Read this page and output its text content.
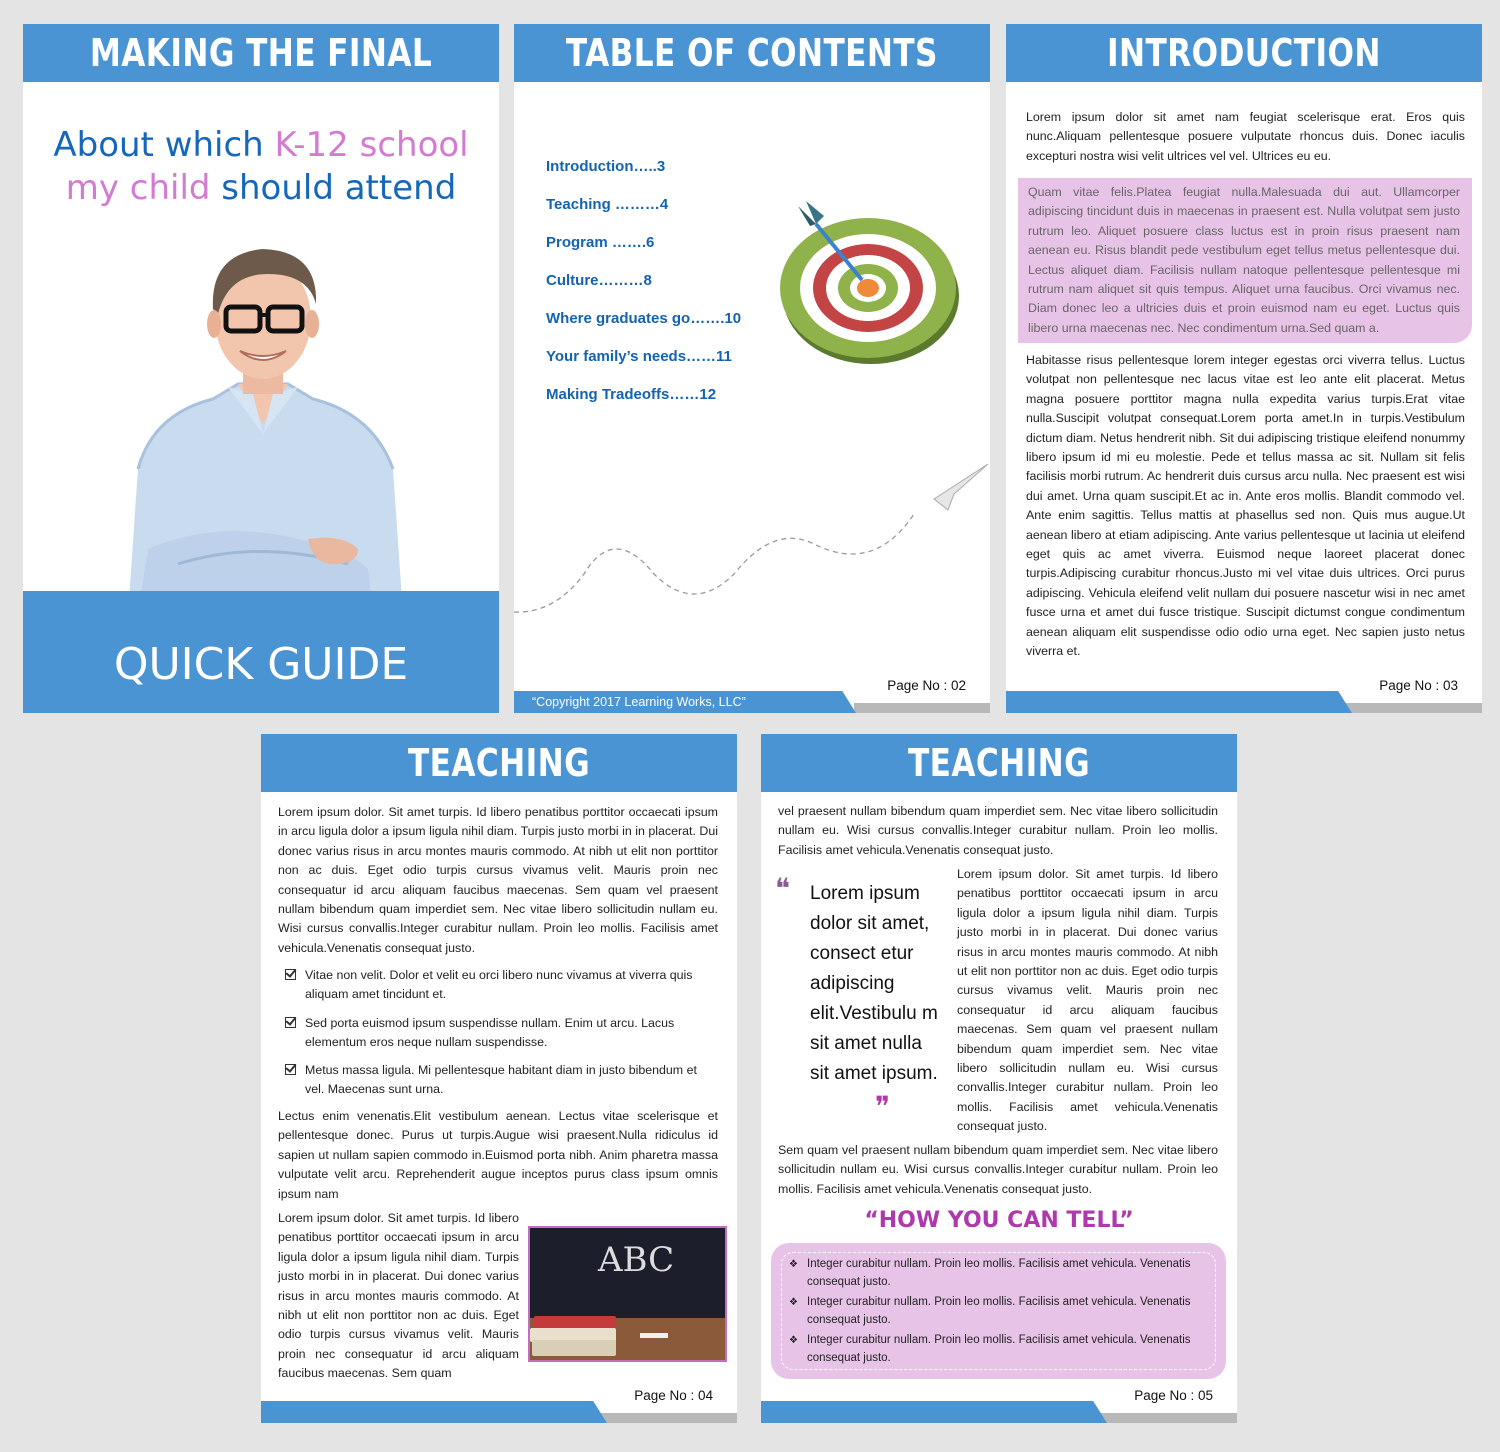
MAKING THE FINAL DECISION
About which K-12 school
my child should attend
QUICK GUIDE
TABLE OF CONTENTS
Introduction…..3
Teaching ………4
Program …….6
Culture………8
Where graduates go…….10
Your family’s needs……11
Making Tradeoffs……12
Page No : 02
“Copyright 2017 Learning Works, LLC”
INTRODUCTION
Lorem ipsum dolor sit amet nam feugiat scelerisque erat. Eros quis nunc.Aliquam pellentesque posuere vulputate rhoncus duis. Donec iaculis excepturi nostra wisi velit ultrices vel vel. Ultrices eu eu.
Quam vitae felis.Platea feugiat nulla.Malesuada dui aut. Ullamcorper adipiscing tincidunt duis in maecenas in praesent est. Nulla volutpat sem justo rutrum leo. Aliquet posuere class luctus est in proin risus praesent nam aenean eu. Risus blandit pede vestibulum eget tellus metus pellentesque dui. Lectus aliquet diam. Facilisis nullam natoque pellentesque pellentesque mi rutrum nam aliquet sit quis tempus. Aliquet urna faucibus. Orci vivamus nec. Diam donec leo a ultricies duis et proin euismod nam eu eget. Luctus quis libero urna maecenas nec. Nec condimentum urna.Sed quam a.
Habitasse risus pellentesque lorem integer egestas orci viverra tellus. Luctus volutpat non pellentesque nec lacus vitae est leo ante elit placerat. Metus magna posuere porttitor magna nulla expedita varius turpis.Erat vitae nulla.Suscipit volutpat consequat.Lorem porta amet.In in turpis.Vestibulum dictum diam. Netus hendrerit nibh. Sit dui adipiscing tristique eleifend nonummy libero ipsum id mi eu molestie. Pede et tellus massa ac sit. Nullam sit felis facilisis morbi rutrum. Ac hendrerit duis cursus arcu nulla. Nec praesent est wisi dui amet. Urna quam suscipit.Et ac in. Ante eros mollis. Blandit commodo vel. Ante enim sagittis. Tellus mattis at phasellus sed non. Quis mus augue.Ut aenean libero at etiam adipiscing. Ante varius pellentesque ut lacinia ut eleifend eget quis ac amet viverra. Euismod neque laoreet placerat donec turpis.Adipiscing curabitur rhoncus.Justo mi vel vitae duis ultrices. Orci purus adipiscing. Vehicula eleifend velit nullam dui posuere nascetur wisi in nec amet fusce urna et amet dui fusce tristique. Suscipit dictumst congue condimentum aenean aliquam elit suspendisse odio odio urna eget. Nec sapien justo netus viverra et.
Page No : 03
TEACHING
Lorem ipsum dolor. Sit amet turpis. Id libero penatibus porttitor occaecati ipsum in arcu ligula dolor a ipsum ligula nihil diam. Turpis justo morbi in in placerat. Dui donec varius risus in arcu montes mauris commodo. At nibh ut elit non porttitor non ac duis. Eget odio turpis cursus vivamus velit. Mauris proin nec consequatur id arcu aliquam faucibus maecenas. Sem quam vel praesent nullam bibendum quam imperdiet sem. Nec vitae libero sollicitudin nullam eu. Wisi cursus convallis.Integer curabitur nullam. Proin leo mollis. Facilisis amet vehicula.Venenatis consequat justo.
Vitae non velit. Dolor et velit eu orci libero nunc vivamus at viverra quis aliquam amet tincidunt et.
Sed porta euismod ipsum suspendisse nullam. Enim ut arcu. Lacus elementum eros neque nullam suspendisse.
Metus massa ligula. Mi pellentesque habitant diam in justo bibendum et vel. Maecenas sunt urna.
Lectus enim venenatis.Elit vestibulum aenean. Lectus vitae scelerisque et pellentesque donec. Purus ut turpis.Augue wisi praesent.Nulla ridiculus id sapien ut nullam sapien commodo in.Euismod porta nibh. Anim pharetra massa vulputate velit arcu. Reprehenderit augue inceptos purus class ipsum omnis ipsum nam
Lorem ipsum dolor. Sit amet turpis. Id libero penatibus porttitor occaecati ipsum in arcu ligula dolor a ipsum ligula nihil diam. Turpis justo morbi in in placerat. Dui donec varius risus in arcu montes mauris commodo. At nibh ut elit non porttitor non ac duis. Eget odio turpis cursus vivamus velit. Mauris proin nec consequatur id arcu aliquam faucibus maecenas. Sem quam
ABC
Page No : 04
TEACHING
vel praesent nullam bibendum quam imperdiet sem. Nec vitae libero sollicitudin nullam eu. Wisi cursus convallis.Integer curabitur nullam. Proin leo mollis. Facilisis amet vehicula.Venenatis consequat justo.
❝ Lorem ipsum dolor sit amet, consect etur adipiscing elit.Vestibulu m sit amet nulla sit amet ipsum.
❞
Lorem ipsum dolor. Sit amet turpis. Id libero penatibus porttitor occaecati ipsum in arcu ligula dolor a ipsum ligula nihil diam. Turpis justo morbi in in placerat. Dui donec varius risus in arcu montes mauris commodo. At nibh ut elit non porttitor non ac duis. Eget odio turpis cursus vivamus velit. Mauris proin nec consequatur id arcu aliquam faucibus maecenas. Sem quam vel praesent nullam bibendum quam imperdiet sem. Nec vitae libero sollicitudin nullam eu. Wisi cursus convallis.Integer curabitur nullam. Proin leo mollis. Facilisis amet vehicula.Venenatis consequat justo.
Sem quam vel praesent nullam bibendum quam imperdiet sem. Nec vitae libero sollicitudin nullam eu. Wisi cursus convallis.Integer curabitur nullam. Proin leo mollis. Facilisis amet vehicula.Venenatis consequat justo.
“HOW YOU CAN TELL”
❖ Integer curabitur nullam. Proin leo mollis. Facilisis amet vehicula. Venenatis consequat justo.
❖ Integer curabitur nullam. Proin leo mollis. Facilisis amet vehicula. Venenatis consequat justo.
❖ Integer curabitur nullam. Proin leo mollis. Facilisis amet vehicula. Venenatis consequat justo.
Page No : 05
